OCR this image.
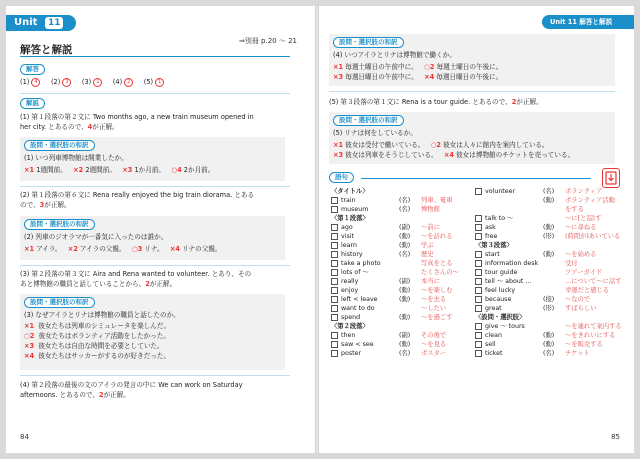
Unit 11
解答と解説
⇒別冊 p.20 ～ 21
解答
(1) 4 (2) 3 (3) 1 (4) 2 (5) 1
解説
(1) 第１段落の第２文に Two months ago, a new train museum opened in
her city. とあるので、4が正解。
設問・選択肢の和訳
(1) いつ列車博物館は開業したか。
×1 1週間前。 ×2 2週間前。 ×3 1か月前。 ○4 2か月前。
(2) 第１段落の第６文に Rena really enjoyed the big train diorama. とある
ので、3が正解。
設問・選択肢の和訳
(2) 列車のジオラマが一番気に入ったのは誰か。
×1 アイラ。 ×2 アイラの父親。 ○3 リナ。 ×4 リナの父親。
(3) 第２段落の第３文に Aira and Rena wanted to volunteer. とあり、その
あと博物館の職員と話していることから、2が正解。
設問・選択肢の和訳
(3) なぜアイラとリナは博物館の職員と話したのか。
×1 彼女たちは列車のシミュレータを楽しんだ。
○2 彼女たちはボランティア活動をしたかった。
×3 彼女たちは自由な時間を必要としていた。
×4 彼女たちはサッカーがするのが好きだった。
(4) 第２段落の最後の文のアイラの発言の中に We can work on Saturday
afternoons. とあるので、2が正解。
84
Unit 11 解答と解説
設問・選択肢の和訳
(4) いつアイラとリナは博物館で働くか。
×1 毎週土曜日の午前中に。 ○2 毎週土曜日の午後に。
×3 毎週日曜日の午前中に。 ×4 毎週日曜日の午後に。
(5) 第３段落の第１文に Rena is a tour guide. とあるので、2が正解。
設問・選択肢の和訳
(5) リナは何をしているか。
×1 彼女は受付で働いている。 ○2 彼女は人々に館内を案内している。
×3 彼女は列車をそうじしている。 ×4 彼女は博物館のチケットを売っている。
語句
〈タイトル〉
train	(名) 列車、電車
museum	(名) 博物館
〈第１段落〉
ago	(副) ～前に
visit	(動) ～を訪れる
learn	(動) 学ぶ
history	(名) 歴史
take a photo	写真をとる
lots of ～	たくさんの～
really	(副) 本当に
enjoy	(動) ～を楽しむ
left < leave	(動) ～を去る
want to do	～したい
spend	(動) ～を過ごす
〈第２段落〉
then	(副) その後で
saw < see	(動) ～を見る
poster	(名) ポスター
volunteer	(名) ボランティア
(動) ボランティア活動
をする
talk to ～	～に[と]話す
ask	(動) ～に尋ねる
free	(形) (時間が)あいている
〈第３段落〉
start	(動) ～を始める
information desk	受付
tour guide	ツアーガイド
tell ～ about ...	…について～に話す
feel lucky	幸運だと感じる
because	(接) ～なので
great	(形) すばらしい
〈設問・選択肢〉
give ～ tours	～を連れて案内する
clean	(動) ～をきれいにする
sell	(動) ～を販売する
ticket	(名) チケット
85
